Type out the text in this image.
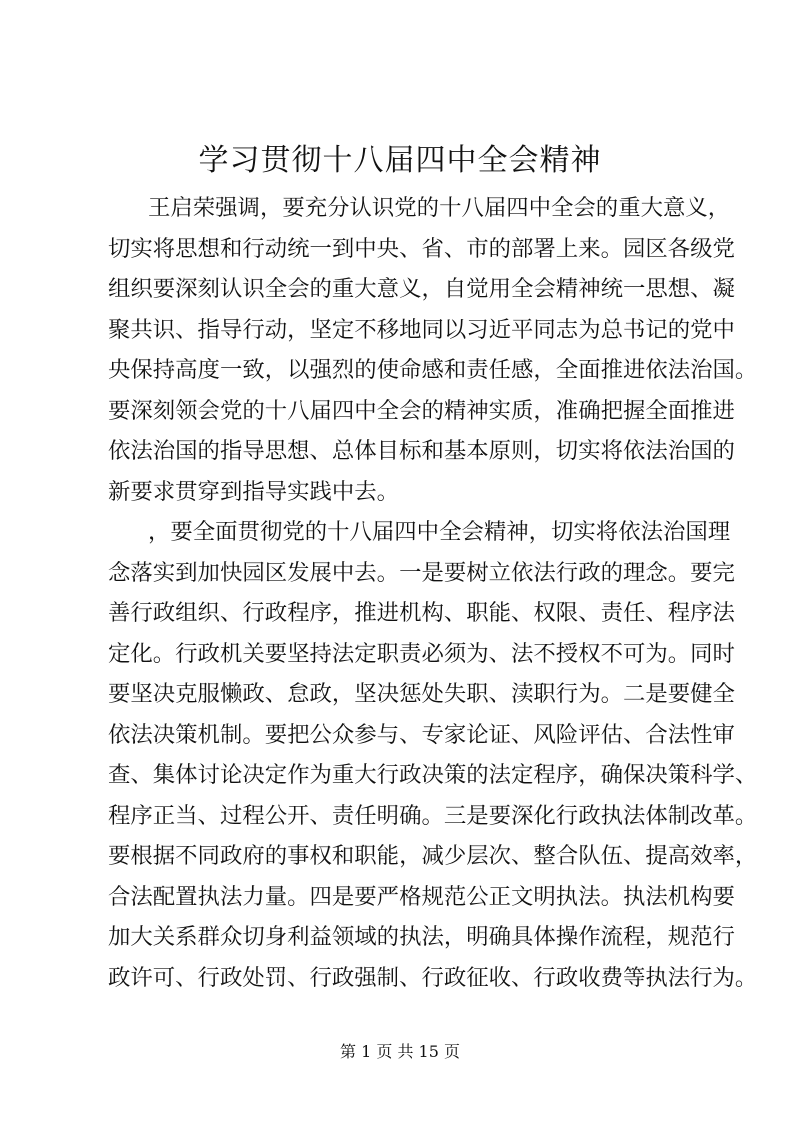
学习贯彻十八届四中全会精神
王启荣强调，要充分认识党的十八届四中全会的重大意义，
切实将思想和行动统一到中央、省、市的部署上来。园区各级党
组织要深刻认识全会的重大意义，自觉用全会精神统一思想、凝
聚共识、指导行动，坚定不移地同以习近平同志为总书记的党中
央保持高度一致，以强烈的使命感和责任感，全面推进依法治国。
要深刻领会党的十八届四中全会的精神实质，准确把握全面推进
依法治国的指导思想、总体目标和基本原则，切实将依法治国的
新要求贯穿到指导实践中去。
，要全面贯彻党的十八届四中全会精神，切实将依法治国理
念落实到加快园区发展中去。一是要树立依法行政的理念。要完
善行政组织、行政程序，推进机构、职能、权限、责任、程序法
定化。行政机关要坚持法定职责必须为、法不授权不可为。同时
要坚决克服懒政、怠政，坚决惩处失职、渎职行为。二是要健全
依法决策机制。要把公众参与、专家论证、风险评估、合法性审
查、集体讨论决定作为重大行政决策的法定程序，确保决策科学、
程序正当、过程公开、责任明确。三是要深化行政执法体制改革。
要根据不同政府的事权和职能，减少层次、整合队伍、提高效率，
合法配置执法力量。四是要严格规范公正文明执法。执法机构要
加大关系群众切身利益领域的执法，明确具体操作流程，规范行
政许可、行政处罚、行政强制、行政征收、行政收费等执法行为。
第 1 页 共 15 页
